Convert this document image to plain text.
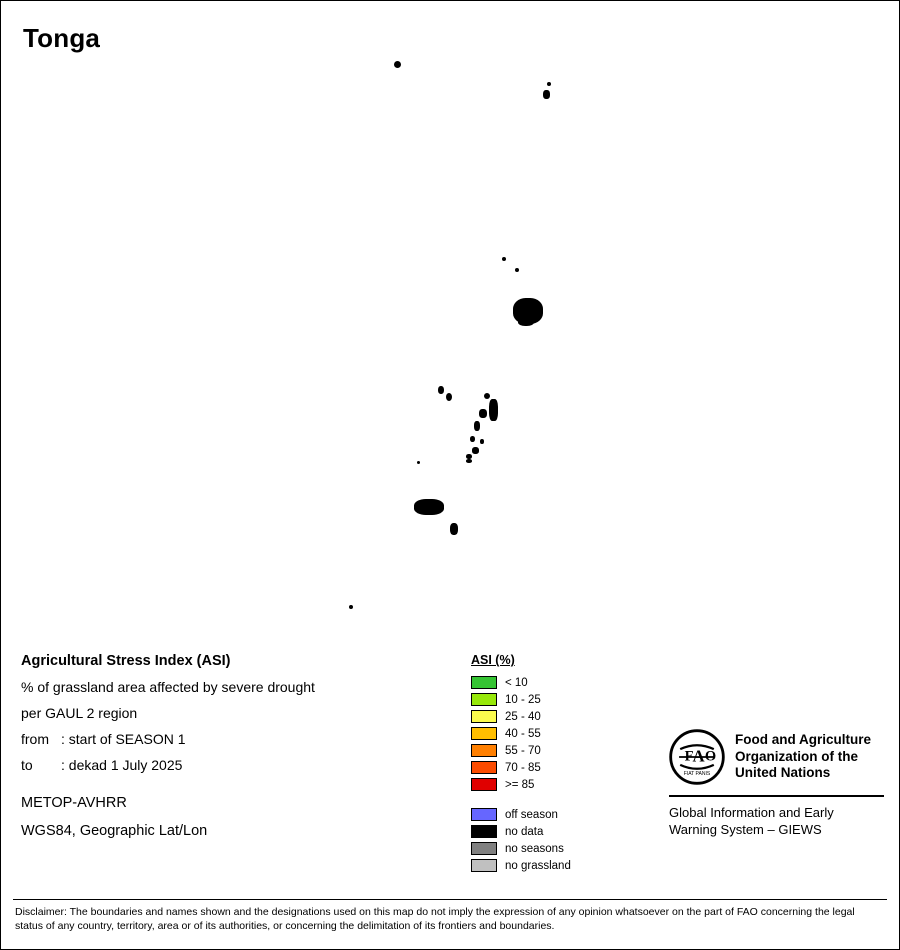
Tonga
Agricultural Stress Index (ASI)
% of grassland area affected by severe drought
per GAUL 2 region
from : start of SEASON 1
to : dekad 1 July 2025
METOP-AVHRR
WGS84, Geographic Lat/Lon
ASI (%)
< 10
10 - 25
25 - 40
40 - 55
55 - 70
70 - 85
>= 85
off season
no data
no seasons
no grassland
F
A O
FIAT PANIS
Food and Agriculture
Organization of the
United Nations
Global Information and Early
Warning System – GIEWS
Disclaimer: The boundaries and names shown and the designations used on this map do not imply the expression of any opinion whatsoever on the part of FAO concerning the legal status of any country, territory, area or of its authorities, or concerning the delimitation of its frontiers and boundaries.
